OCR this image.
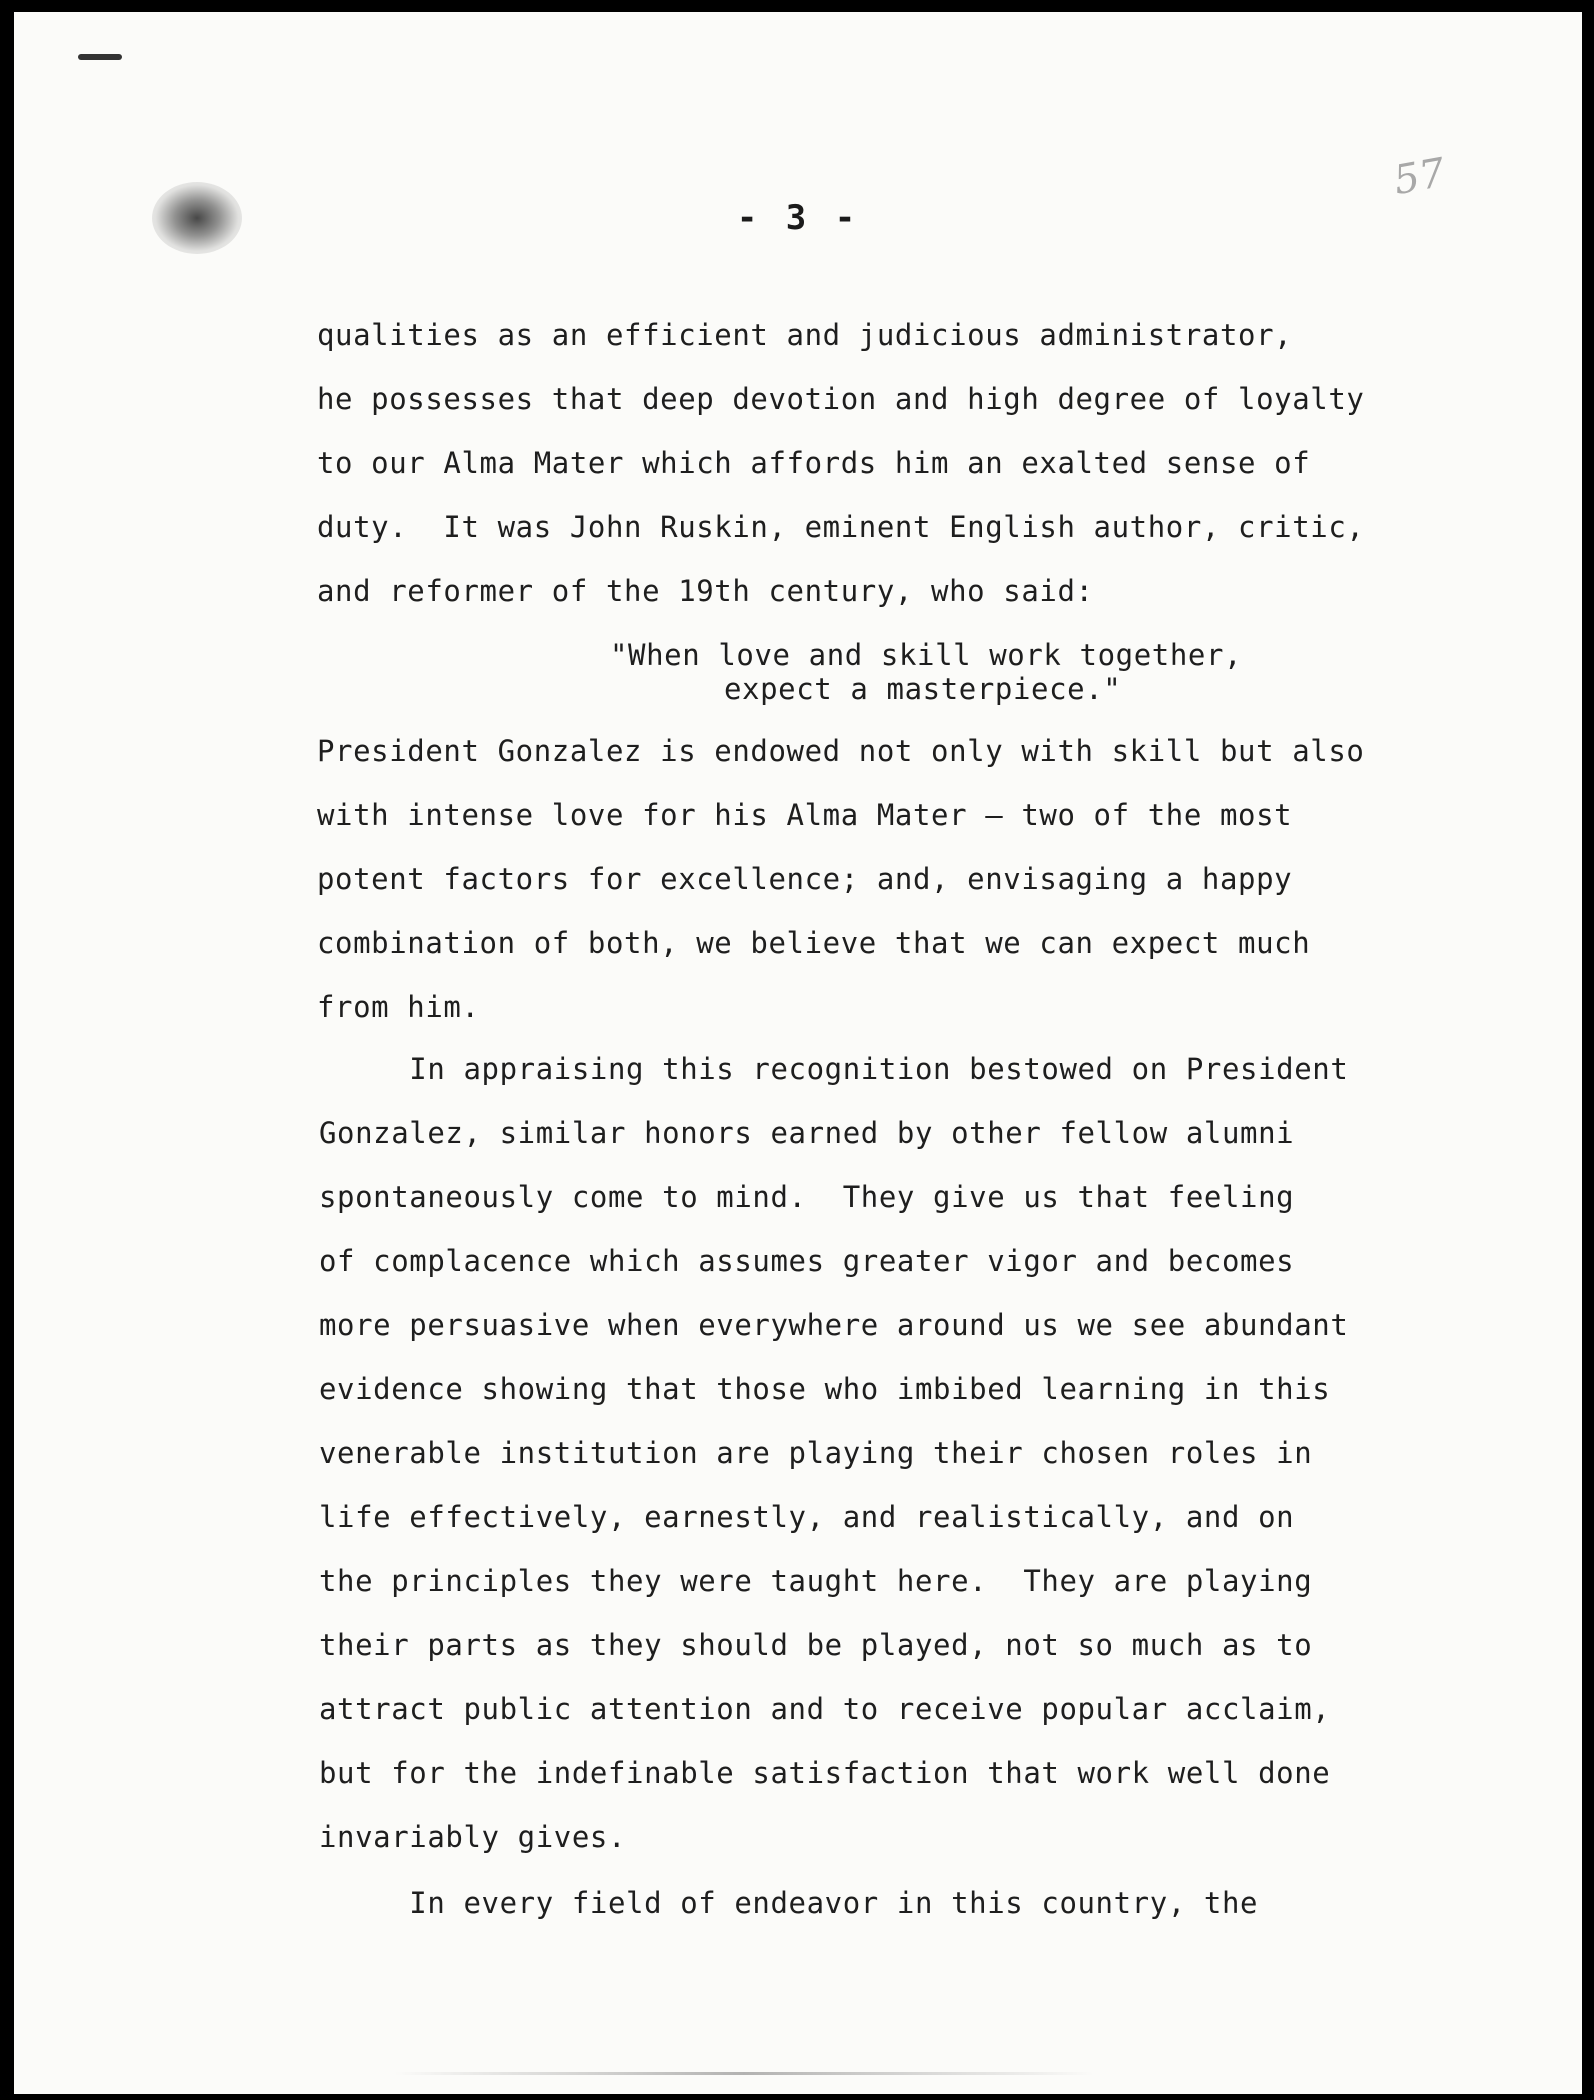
- 3 -
57
qualities as an efficient and judicious administrator,
he possesses that deep devotion and high degree of loyalty
to our Alma Mater which affords him an exalted sense of
duty.  It was John Ruskin, eminent English author, critic,
and reformer of the 19th century, who said:
"When love and skill work together,
expect a masterpiece."
President Gonzalez is endowed not only with skill but also
with intense love for his Alma Mater — two of the most
potent factors for excellence; and, envisaging a happy
combination of both, we believe that we can expect much
from him.
In appraising this recognition bestowed on President
Gonzalez, similar honors earned by other fellow alumni
spontaneously come to mind.  They give us that feeling
of complacence which assumes greater vigor and becomes
more persuasive when everywhere around us we see abundant
evidence showing that those who imbibed learning in this
venerable institution are playing their chosen roles in
life effectively, earnestly, and realistically, and on
the principles they were taught here.  They are playing
their parts as they should be played, not so much as to
attract public attention and to receive popular acclaim,
but for the indefinable satisfaction that work well done
invariably gives.
In every field of endeavor in this country, the
